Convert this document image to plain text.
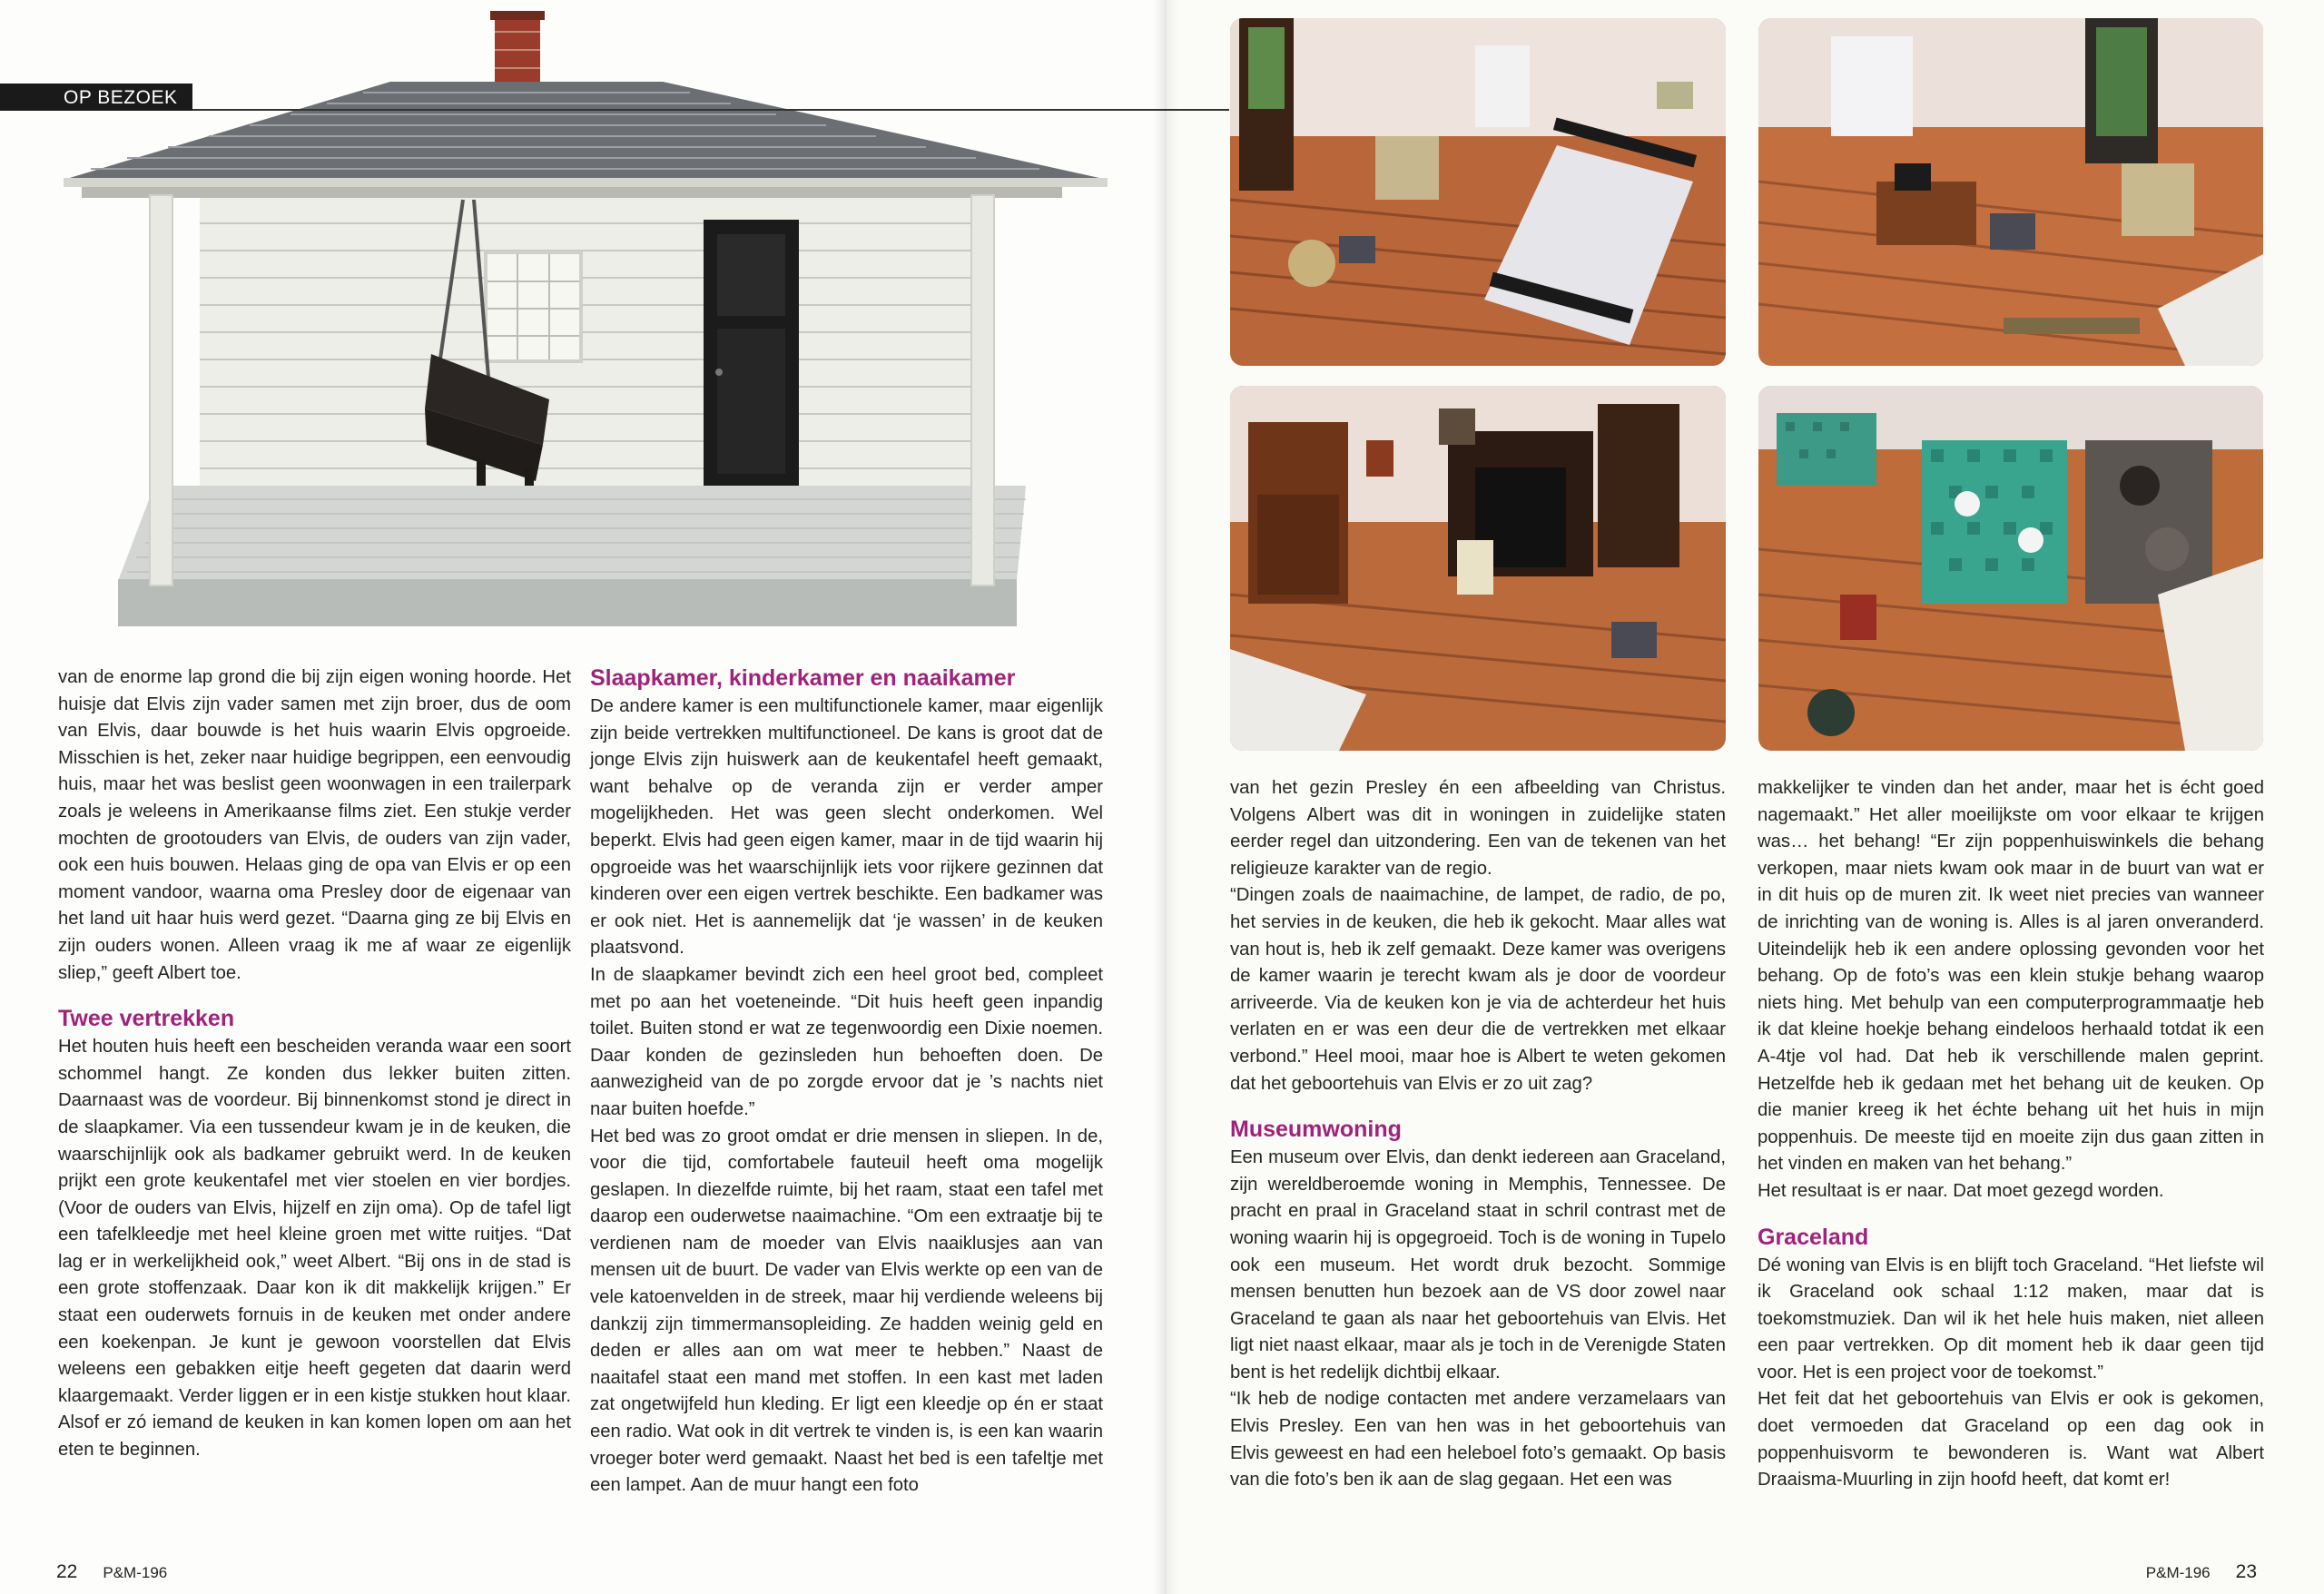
OP BEZOEK

van de enorme lap grond die bij zijn eigen woning hoorde. Het huisje dat Elvis zijn vader samen met zijn broer, dus de oom van Elvis, daar bouwde is het huis waarin Elvis opgroeide. Misschien is het, zeker naar huidige begrippen, een eenvoudig huis, maar het was beslist geen woonwagen in een trailerpark zoals je weleens in Amerikaanse films ziet. Een stukje verder mochten de grootouders van Elvis, de ouders van zijn vader, ook een huis bouwen. Helaas ging de opa van Elvis er op een moment vandoor, waarna oma Presley door de eigenaar van het land uit haar huis werd gezet. “Daarna ging ze bij Elvis en zijn ouders wonen. Alleen vraag ik me af waar ze eigenlijk sliep,” geeft Albert toe.

Twee vertrekken

Het houten huis heeft een bescheiden veranda waar een soort schommel hangt. Ze konden dus lekker buiten zitten. Daarnaast was de voordeur. Bij binnenkomst stond je direct in de slaapkamer. Via een tussendeur kwam je in de keuken, die waarschijnlijk ook als badkamer gebruikt werd. In de keuken prijkt een grote keukentafel met vier stoelen en vier bordjes. (Voor de ouders van Elvis, hijzelf en zijn oma). Op de tafel ligt een tafelkleedje met heel kleine groen met witte ruitjes. “Dat lag er in werkelijkheid ook,” weet Albert. “Bij ons in de stad is een grote stoffenzaak. Daar kon ik dit makkelijk krijgen.” Er staat een ouderwets fornuis in de keuken met onder andere een koekenpan. Je kunt je gewoon voorstellen dat Elvis weleens een gebakken eitje heeft gegeten dat daarin werd klaargemaakt. Verder liggen er in een kistje stukken hout klaar. Alsof er zó iemand de keuken in kan komen lopen om aan het eten te beginnen.

Slaapkamer, kinderkamer en naaikamer

De andere kamer is een multifunctionele kamer, maar eigenlijk zijn beide vertrekken multifunctioneel. De kans is groot dat de jonge Elvis zijn huiswerk aan de keukentafel heeft gemaakt, want behalve op de veranda zijn er verder amper mogelijkheden. Het was geen slecht onderkomen. Wel beperkt. Elvis had geen eigen kamer, maar in de tijd waarin hij opgroeide was het waarschijnlijk iets voor rijkere gezinnen dat kinderen over een eigen vertrek beschikte. Een badkamer was er ook niet. Het is aannemelijk dat ‘je wassen’ in de keuken plaatsvond.

In de slaapkamer bevindt zich een heel groot bed, compleet met po aan het voeteneinde. “Dit huis heeft geen inpandig toilet. Buiten stond er wat ze tegenwoordig een Dixie noemen. Daar konden de gezinsleden hun behoeften doen. De aanwezigheid van de po zorgde ervoor dat je ’s nachts niet naar buiten hoefde.”

Het bed was zo groot omdat er drie mensen in sliepen. In de, voor die tijd, comfortabele fauteuil heeft oma mogelijk geslapen. In diezelfde ruimte, bij het raam, staat een tafel met daarop een ouderwetse naaimachine. “Om een extraatje bij te verdienen nam de moeder van Elvis naaiklusjes aan van mensen uit de buurt. De vader van Elvis werkte op een van de vele katoenvelden in de streek, maar hij verdiende weleens bij dankzij zijn timmermansopleiding. Ze hadden weinig geld en deden er alles aan om wat meer te hebben.” Naast de naaitafel staat een mand met stoffen. In een kast met laden zat ongetwijfeld hun kleding. Er ligt een kleedje op én er staat een radio. Wat ook in dit vertrek te vinden is, is een kan waarin vroeger boter werd gemaakt. Naast het bed is een tafeltje met een lampet. Aan de muur hangt een foto

22 P&M-196

van het gezin Presley én een afbeelding van Christus. Volgens Albert was dit in woningen in zuidelijke staten eerder regel dan uitzondering. Een van de tekenen van het religieuze karakter van de regio.

“Dingen zoals de naaimachine, de lampet, de radio, de po, het servies in de keuken, die heb ik gekocht. Maar alles wat van hout is, heb ik zelf gemaakt. Deze kamer was overigens de kamer waarin je terecht kwam als je door de voordeur arriveerde. Via de keuken kon je via de achterdeur het huis verlaten en er was een deur die de vertrekken met elkaar verbond.” Heel mooi, maar hoe is Albert te weten gekomen dat het geboortehuis van Elvis er zo uit zag?

Museumwoning

Een museum over Elvis, dan denkt iedereen aan Graceland, zijn wereldberoemde woning in Memphis, Tennessee. De pracht en praal in Graceland staat in schril contrast met de woning waarin hij is opgegroeid. Toch is de woning in Tupelo ook een museum. Het wordt druk bezocht. Sommige mensen benutten hun bezoek aan de VS door zowel naar Graceland te gaan als naar het geboortehuis van Elvis. Het ligt niet naast elkaar, maar als je toch in de Verenigde Staten bent is het redelijk dichtbij elkaar.

“Ik heb de nodige contacten met andere verzamelaars van Elvis Presley. Een van hen was in het geboortehuis van Elvis geweest en had een heleboel foto’s gemaakt. Op basis van die foto’s ben ik aan de slag gegaan. Het een was

makkelijker te vinden dan het ander, maar het is écht goed nagemaakt.” Het aller moeilijkste om voor elkaar te krijgen was… het behang! “Er zijn poppenhuiswinkels die behang verkopen, maar niets kwam ook maar in de buurt van wat er in dit huis op de muren zit. Ik weet niet precies van wanneer de inrichting van de woning is. Alles is al jaren onveranderd. Uiteindelijk heb ik een andere oplossing gevonden voor het behang. Op de foto’s was een klein stukje behang waarop niets hing. Met behulp van een computerprogrammaatje heb ik dat kleine hoekje behang eindeloos herhaald totdat ik een A-4tje vol had. Dat heb ik verschillende malen geprint. Hetzelfde heb ik gedaan met het behang uit de keuken. Op die manier kreeg ik het échte behang uit het huis in mijn poppenhuis. De meeste tijd en moeite zijn dus gaan zitten in het vinden en maken van het behang.”

Het resultaat is er naar. Dat moet gezegd worden.

Graceland

Dé woning van Elvis is en blijft toch Graceland. “Het liefste wil ik Graceland ook schaal 1:12 maken, maar dat is toekomstmuziek. Dan wil ik het hele huis maken, niet alleen een paar vertrekken. Op dit moment heb ik daar geen tijd voor. Het is een project voor de toekomst.”

Het feit dat het geboortehuis van Elvis er ook is gekomen, doet vermoeden dat Graceland op een dag ook in poppenhuisvorm te bewonderen is. Want wat Albert Draaisma-Muurling in zijn hoofd heeft, dat komt er!

P&M-196 23
